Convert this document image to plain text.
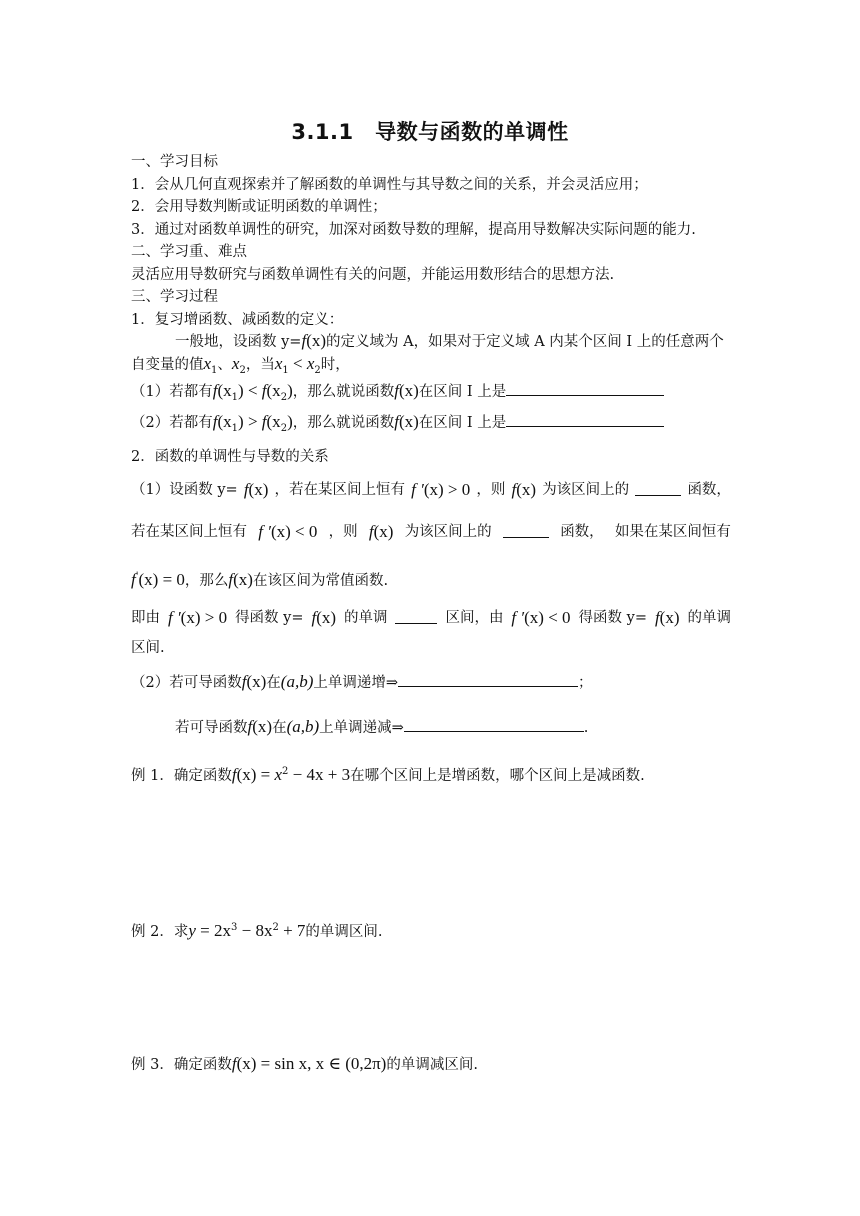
3.1.1　导数与函数的单调性
一、学习目标
1．会从几何直观探索并了解函数的单调性与其导数之间的关系，并会灵活应用；
2．会用导数判断或证明函数的单调性；
3．通过对函数单调性的研究，加深对函数导数的理解，提高用导数解决实际问题的能力.
二、学习重、难点
灵活应用导数研究与函数单调性有关的问题，并能运用数形结合的思想方法.
三、学习过程
1．复习增函数、减函数的定义：
一般地，设函数 y=f(x)的定义域为 A，如果对于定义域 A 内某个区间 I 上的任意两个
自变量的值$x_1$、$x_2$，当$x_1 < x_2$时，
（1）若都有$f(x_1) < f(x_2)$，那么就说函数f(x)在区间 I 上是
（2）若都有$f(x_1) > f(x_2)$，那么就说函数f(x)在区间 I 上是
2．函数的单调性与导数的关系
（1）设函数 y= f(x) ，若在某区间上恒有 f ′(x) > 0 ，则 f(x) 为该区间上的	函数，
若在某区间上恒有 f ′(x) < 0 ，则 f(x) 为该区间上的	函数， 如果在某区间恒有
f'(x) = 0，那么f(x)在该区间为常值函数.
即由 f ′(x) > 0 得函数 y= f(x) 的单调	区间，由 f ′(x) < 0 得函数 y= f(x) 的单调
区间.
（2）若可导函数f(x)在(a,b)上单调递增⇒	；
若可导函数f(x)在(a,b)上单调递减⇒	.
例 1．确定函数$f(x) = x^2 - 4x + 3$在哪个区间上是增函数，哪个区间上是减函数.
例 2．求$y = 2x^3 - 8x^2 + 7$的单调区间.
例 3．确定函数f(x) = sin x, x ∈ (0,2π)的单调减区间.
